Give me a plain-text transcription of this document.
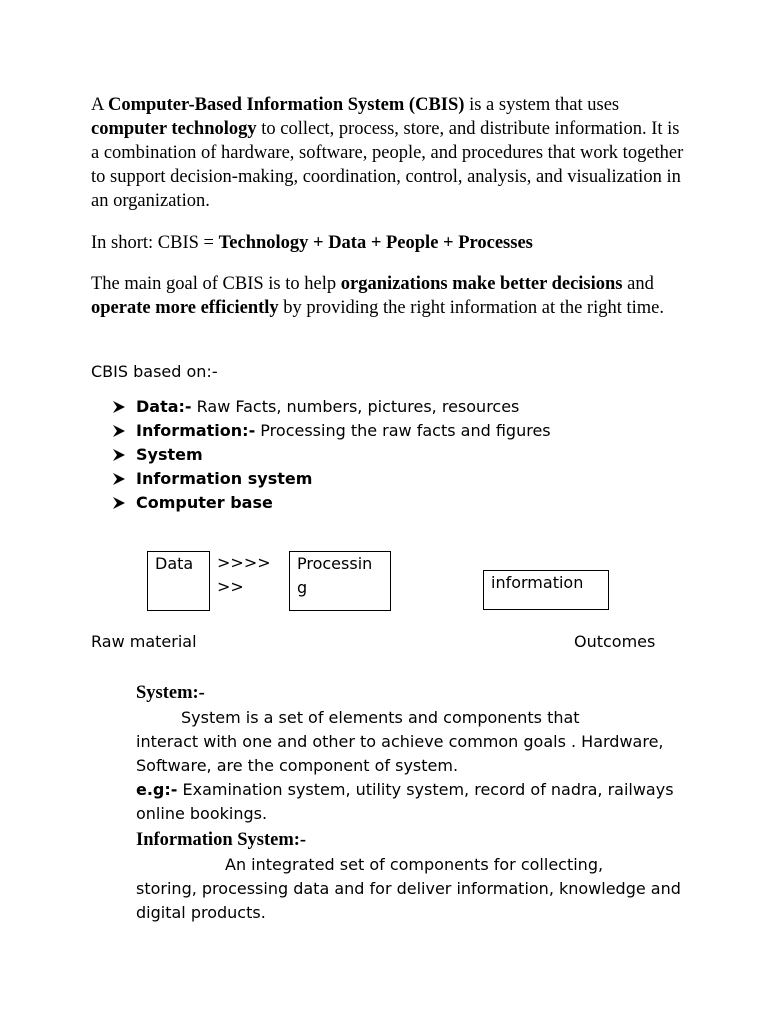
A Computer-Based Information System (CBIS) is a system that uses computer technology to collect, process, store, and distribute information. It is a combination of hardware, software, people, and procedures that work together to support decision-making, coordination, control, analysis, and visualization in an organization.

In short: CBIS = Technology + Data + People + Processes

The main goal of CBIS is to help organizations make better decisions and operate more efficiently by providing the right information at the right time.

CBIS based on:-

Data:- Raw Facts, numbers, pictures, resources
Information:- Processing the raw facts and figures
System
Information system
Computer base
Data	>>>>
>>
Processin
g	information

Raw material	Outcomes

System:-

System is a set of elements and components that
interact with one and other to achieve common goals . Hardware, Software, are the component of system.
e.g:- Examination system, utility system, record of nadra, railways online bookings.

Information System:-

An integrated set of components for collecting,
storing, processing data and for deliver information, knowledge and digital products.
